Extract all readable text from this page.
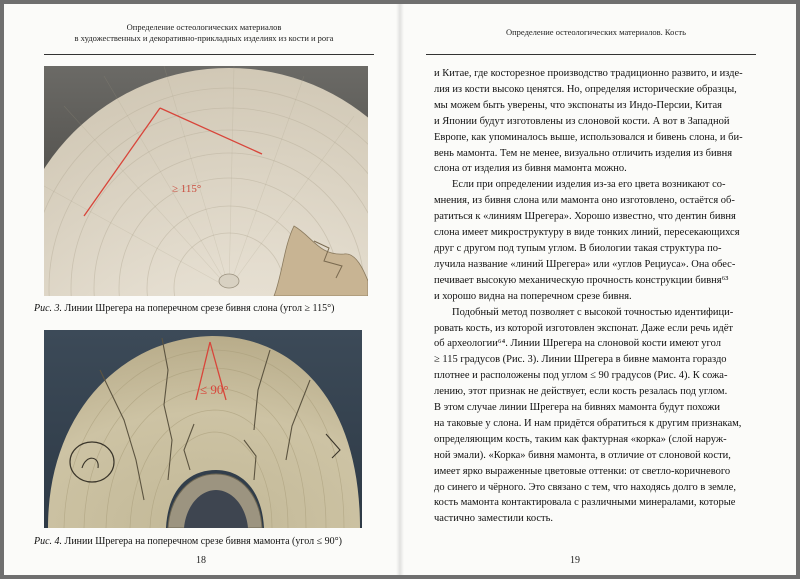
Определение остеологических материалов
в художественных и декоративно-прикладных изделиях из кости и рога
≥ 115°
Рис. 3. Линии Шрегера на поперечном срезе бивня слона (угол ≥ 115°)
≤ 90°
Рис. 4. Линии Шрегера на поперечном срезе бивня мамонта (угол ≤ 90°)
18
Определение остеологических материалов. Кость
и Китае, где косторезное производство традиционно развито, и изде-
лия из кости высоко ценятся. Но, определяя исторические образцы,
мы можем быть уверены, что экспонаты из Индо-Персии, Китая
и Японии будут изготовлены из слоновой кости. А вот в Западной
Европе, как упоминалось выше, использовался и бивень слона, и би-
вень мамонта. Тем не менее, визуально отличить изделия из бивня
слона от изделия из бивня мамонта можно.
Если при определении изделия из-за его цвета возникают со-
мнения, из бивня слона или мамонта оно изготовлено, остаётся об-
ратиться к «линиям Шрегера». Хорошо известно, что дентин бивня
слона имеет микроструктуру в виде тонких линий, пересекающихся
друг с другом под тупым углом. В биологии такая структура по-
лучила название «линий Шрегера» или «углов Рециуса». Она обес-
печивает высокую механическую прочность конструкции бивня⁶³
и хорошо видна на поперечном срезе бивня.
Подобный метод позволяет с высокой точностью идентифици-
ровать кость, из которой изготовлен экспонат. Даже если речь идёт
об археологии⁶⁴. Линии Шрегера на слоновой кости имеют угол
≥ 115 градусов (Рис. 3). Линии Шрегера в бивне мамонта гораздо
плотнее и расположены под углом ≤ 90 градусов (Рис. 4). К сожа-
лению, этот признак не действует, если кость резалась под углом.
В этом случае линии Шрегера на бивнях мамонта будут похожи
на таковые у слона. И нам придётся обратиться к другим признакам,
определяющим кость, таким как фактурная «корка» (слой наруж-
ной эмали). «Корка» бивня мамонта, в отличие от слоновой кости,
имеет ярко выраженные цветовые оттенки: от светло-коричневого
до синего и чёрного. Это связано с тем, что находясь долго в земле,
кость мамонта контактировала с различными минералами, которые
частично заместили кость.
19
